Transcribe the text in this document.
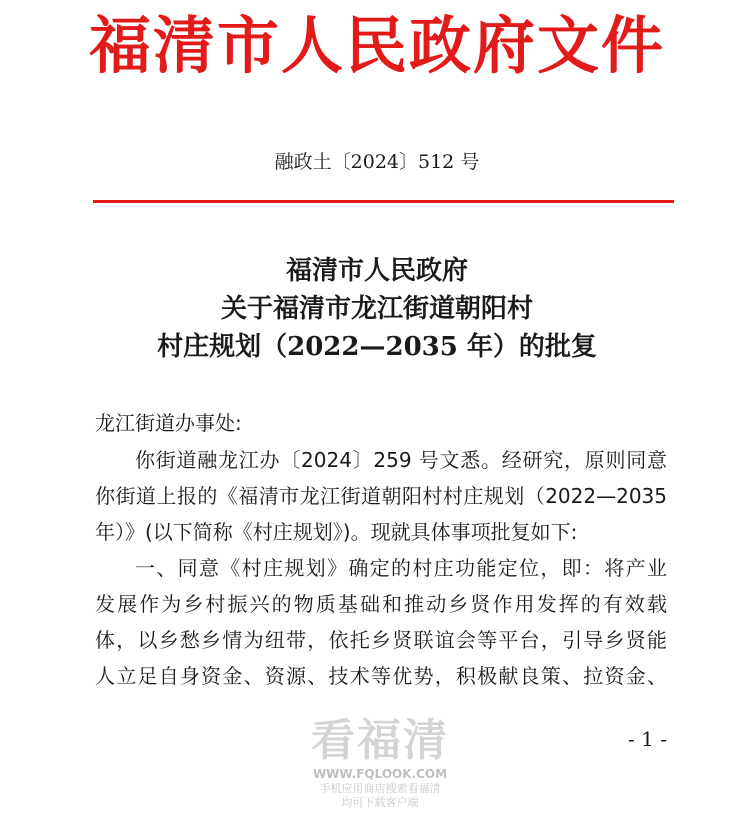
福清市人民政府文件
融政土〔2024〕512 号
福清市人民政府
关于福清市龙江街道朝阳村
村庄规划（2022—2035 年）的批复
龙江街道办事处:
你街道融龙江办〔2024〕259 号文悉。经研究，原则同意
你街道上报的《福清市龙江街道朝阳村村庄规划（2022—2035
年）》(以下简称《村庄规划》)。现就具体事项批复如下:
一、同意《村庄规划》确定的村庄功能定位，即：将产业
发展作为乡村振兴的物质基础和推动乡贤作用发挥的有效载
体，以乡愁乡情为纽带，依托乡贤联谊会等平台，引导乡贤能
人立足自身资金、资源、技术等优势，积极献良策、拉资金、
- 1 -
看福清
WWW.FQLOOK.COM
手机应用商店搜索看福清
均可下载客户端
